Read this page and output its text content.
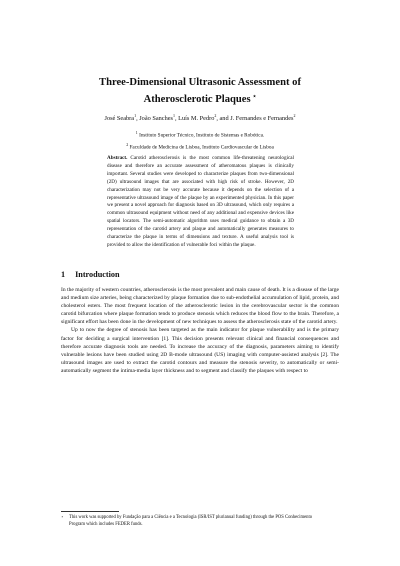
Three-Dimensional Ultrasonic Assessment of

Atherosclerotic Plaques ⋆
José Seabra$^1$, João Sanches$^1$, Luís M. Pedro$^2$, and J. Fernandes e Fernandes$^2$
$^1$ Instituto Superior Técnico, Instituto de Sistemas e Robótica.
$^2$ Faculdade de Medicina de Lisboa, Instituto Cardiovascular de Lisboa
Abstract. Carotid atherosclerosis is the most common life-threatening neurological disease and therefore an accurate assessment of atheromatous plaques is clinically important. Several studies were developed to characterize plaques from two-dimensional (2D) ultrasound images that are associated with high risk of stroke. However, 2D characterization may not be very accurate because it depends on the selection of a representative ultrasound image of the plaque by an experimented physician. In this paper we present a novel approach for diagnosis based on 3D ultrasound, which only requires a common ultrasound equipment without need of any additional and expensive devices like spatial locators. The semi-automatic algorithm uses medical guidance to obtain a 3D representation of the carotid artery and plaque and automatically generates measures to characterize the plaque in terms of dimensions and texture. A useful analysis tool is provided to allow the identification of vulnerable foci within the plaque.
1 Introduction

In the majority of western countries, atherosclerosis is the most prevalent and main cause of death. It is a disease of the large and medium size arteries, being characterized by plaque formation due to sub-endothelial accumulation of lipid, protein, and cholesterol esters. The most frequent location of the atherosclerotic lesion in the cerebrovascular sector is the common carotid bifurcation where plaque formation tends to produce stenosis which reduces the blood flow to the brain. Therefore, a significant effort has been done in the development of new techniques to assess the atherosclerosis state of the carotid artery.

Up to now the degree of stenosis has been targeted as the main indicator for plaque vulnerability and is the primary factor for deciding a surgical intervention [1]. This decision presents relevant clinical and financial consequences and therefore accurate diagnosis tools are needed. To increase the accuracy of the diagnosis, parameters aiming to identify vulnerable lesions have been studied using 2D B-mode ultrasound (US) imaging with computer-assisted analysis [2]. The ultrasound images are used to extract the carotid contours and measure the stenosis severity, to automatically or semi-automatically segment the intima-media layer thickness and to segment and classify the plaques with respect to

⋆	This work was supported by Fundação para a Ciência e a Tecnologia (ISR/IST plurianual funding) through the POS Conhecimento Program which includes FEDER funds.
